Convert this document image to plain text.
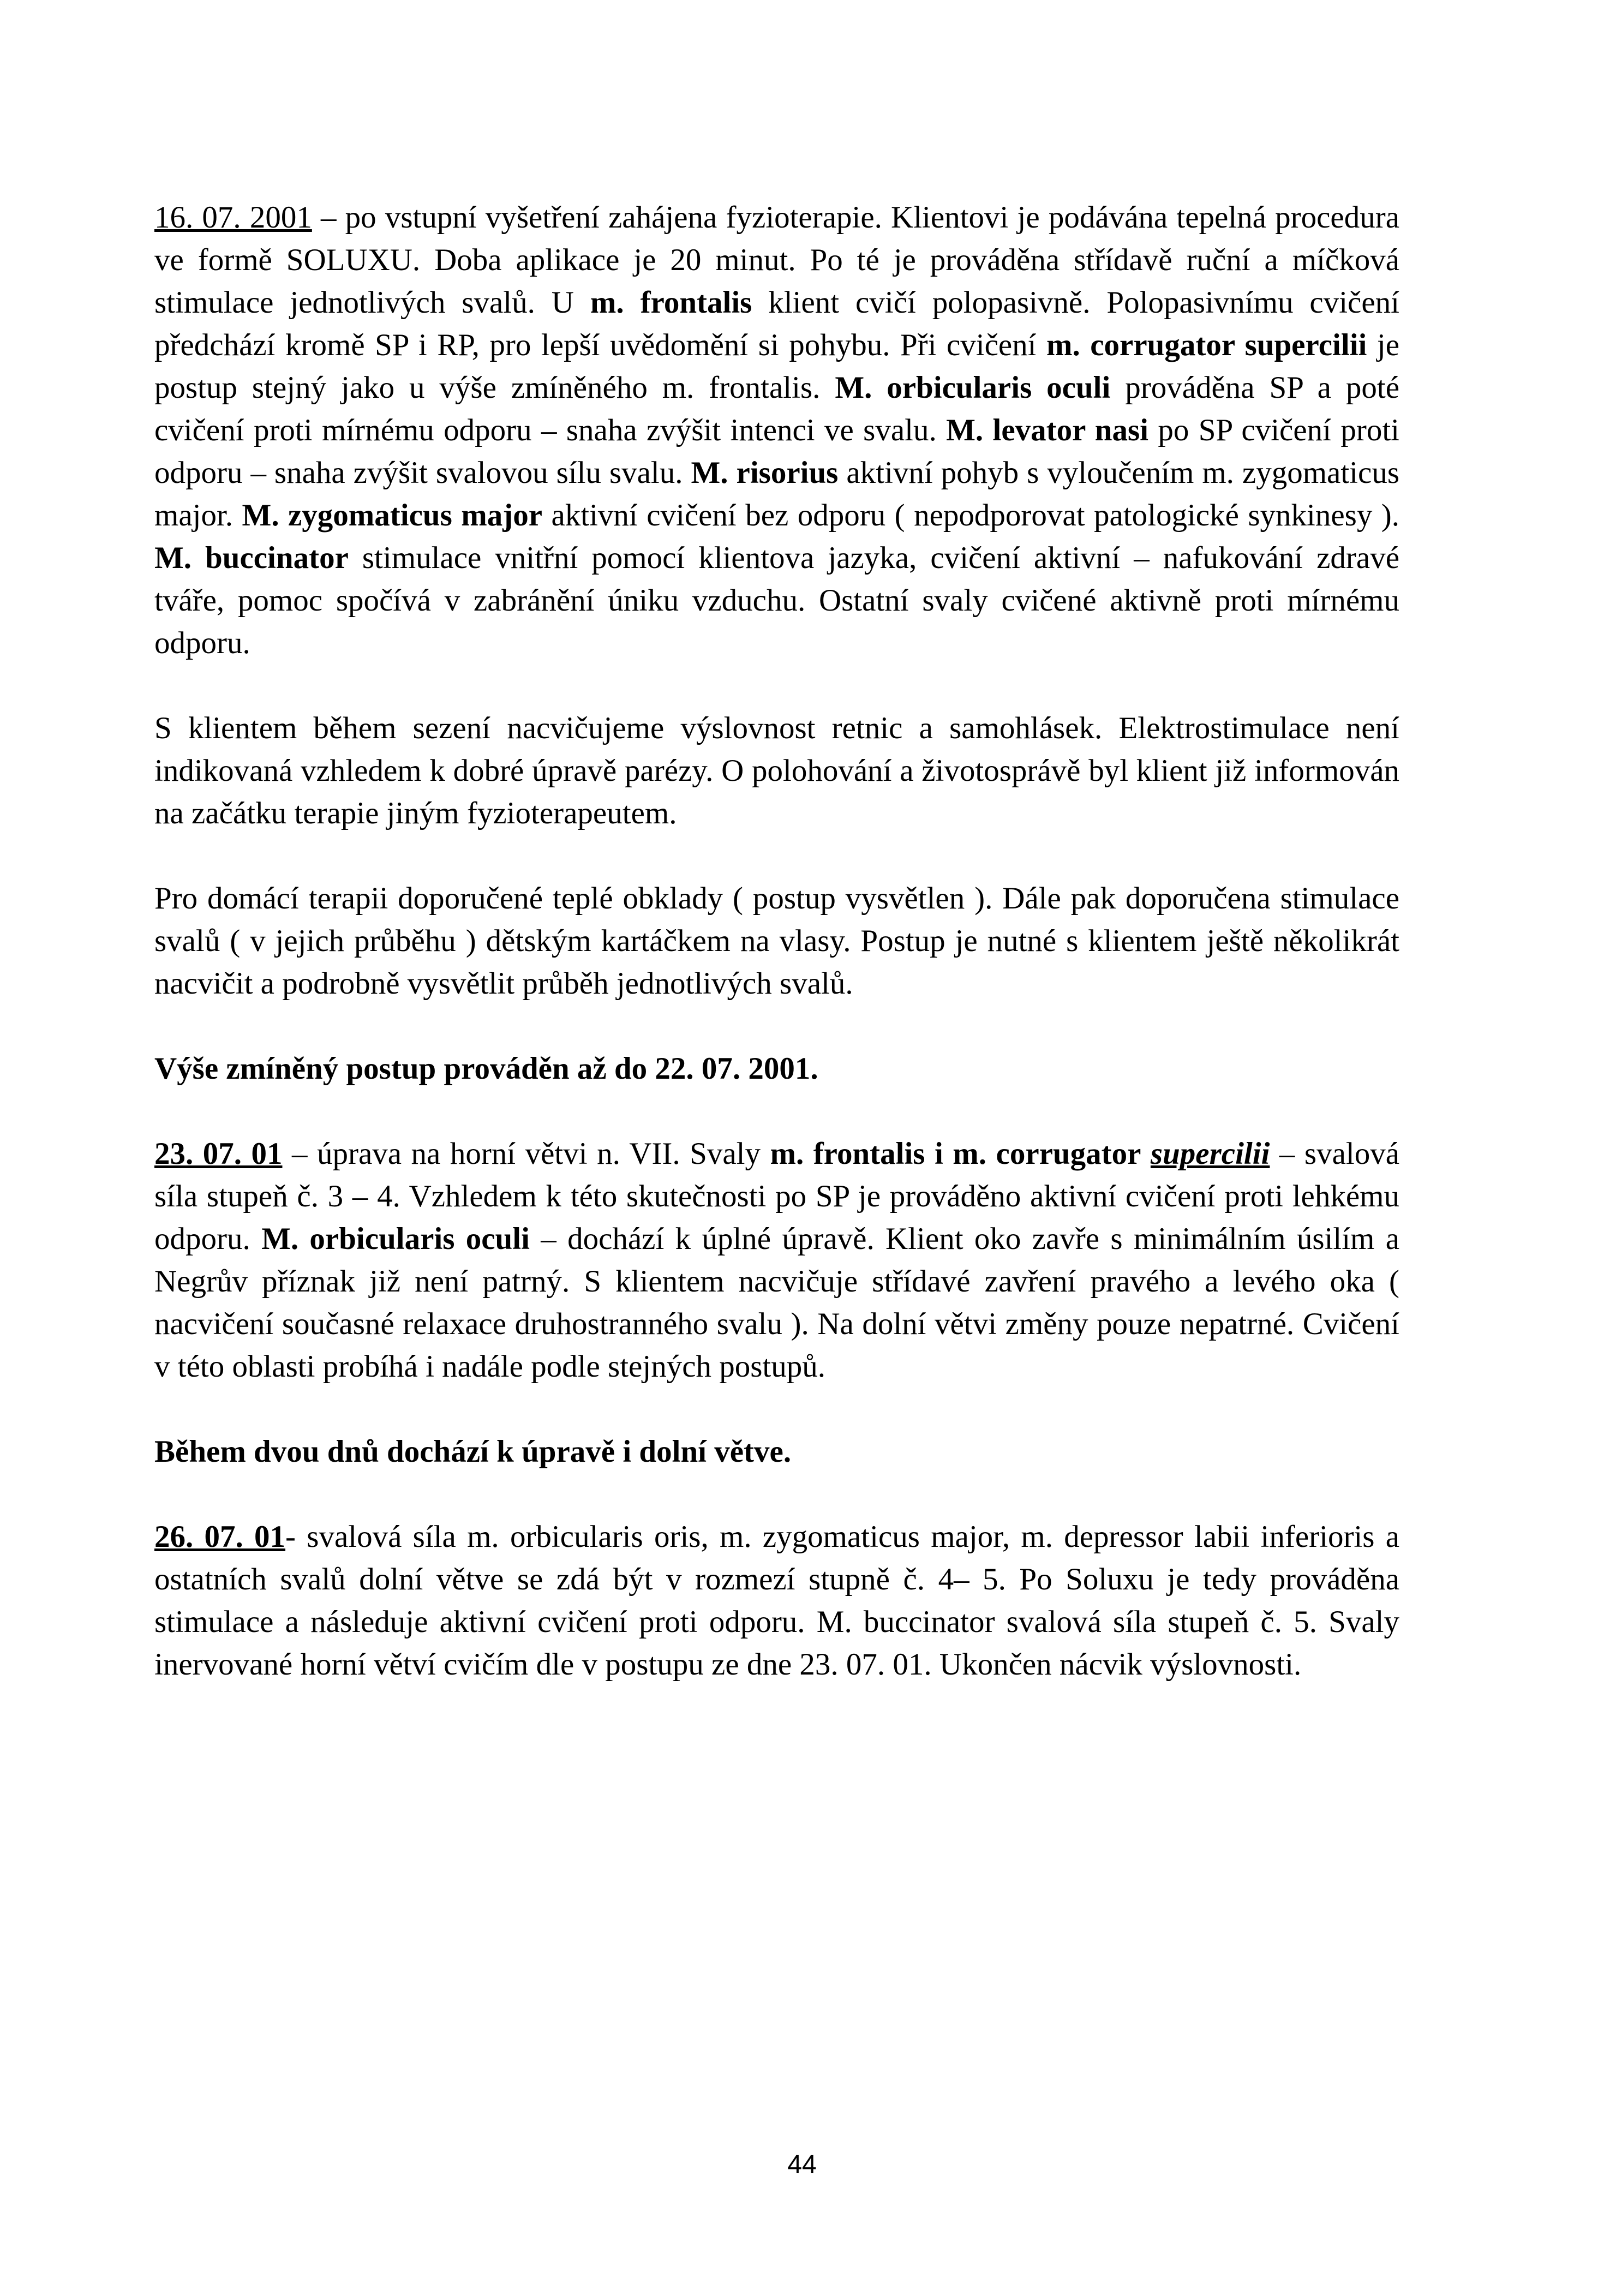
16. 07. 2001 – po vstupní vyšetření zahájena fyzioterapie. Klientovi je podávána tepelná procedura ve formě SOLUXU. Doba aplikace je 20 minut. Po té je prováděna střídavě ruční a míčková stimulace jednotlivých svalů. U m. frontalis klient cvičí polopasivně. Polopasivnímu cvičení předchází kromě SP i RP, pro lepší uvědomění si pohybu. Při cvičení m. corrugator supercilii je postup stejný jako u výše zmíněného m. frontalis. M. orbicularis oculi prováděna SP a poté cvičení proti mírnému odporu – snaha zvýšit intenci ve svalu. M. levator nasi po SP cvičení proti odporu – snaha zvýšit svalovou sílu svalu. M. risorius aktivní pohyb s vyloučením m. zygomaticus major. M. zygomaticus major aktivní cvičení bez odporu ( nepodporovat patologické synkinesy ). M. buccinator stimulace vnitřní pomocí klientova jazyka, cvičení aktivní – nafukování zdravé tváře, pomoc spočívá v zabránění úniku vzduchu. Ostatní svaly cvičené aktivně proti mírnému odporu.

S klientem během sezení nacvičujeme výslovnost retnic a samohlásek. Elektrostimulace není indikovaná vzhledem k dobré úpravě parézy. O polohování a životosprávě byl klient již informován na začátku terapie jiným fyzioterapeutem.

Pro domácí terapii doporučené teplé obklady ( postup vysvětlen ). Dále pak doporučena stimulace svalů ( v jejich průběhu ) dětským kartáčkem na vlasy. Postup je nutné s klientem ještě několikrát nacvičit a podrobně vysvětlit průběh jednotlivých svalů.

Výše zmíněný postup prováděn až do 22. 07. 2001.

23. 07. 01 – úprava na horní větvi n. VII. Svaly m. frontalis i m. corrugator supercilii – svalová síla stupeň č. 3 – 4. Vzhledem k této skutečnosti po SP je prováděno aktivní cvičení proti lehkému odporu. M. orbicularis oculi – dochází k úplné úpravě. Klient oko zavře s minimálním úsilím a Negrův příznak již není patrný. S klientem nacvičuje střídavé zavření pravého a levého oka ( nacvičení současné relaxace druhostranného svalu ). Na dolní větvi změny pouze nepatrné. Cvičení v této oblasti probíhá i nadále podle stejných postupů.

Během dvou dnů dochází k úpravě i dolní větve.

26. 07. 01- svalová síla m. orbicularis oris, m. zygomaticus major, m. depressor labii inferioris a ostatních svalů dolní větve se zdá být v rozmezí stupně č. 4– 5. Po Soluxu je tedy prováděna stimulace a následuje aktivní cvičení proti odporu. M. buccinator svalová síla stupeň č. 5. Svaly inervované horní větví cvičím dle v postupu ze dne 23. 07. 01. Ukončen nácvik výslovnosti.

44
